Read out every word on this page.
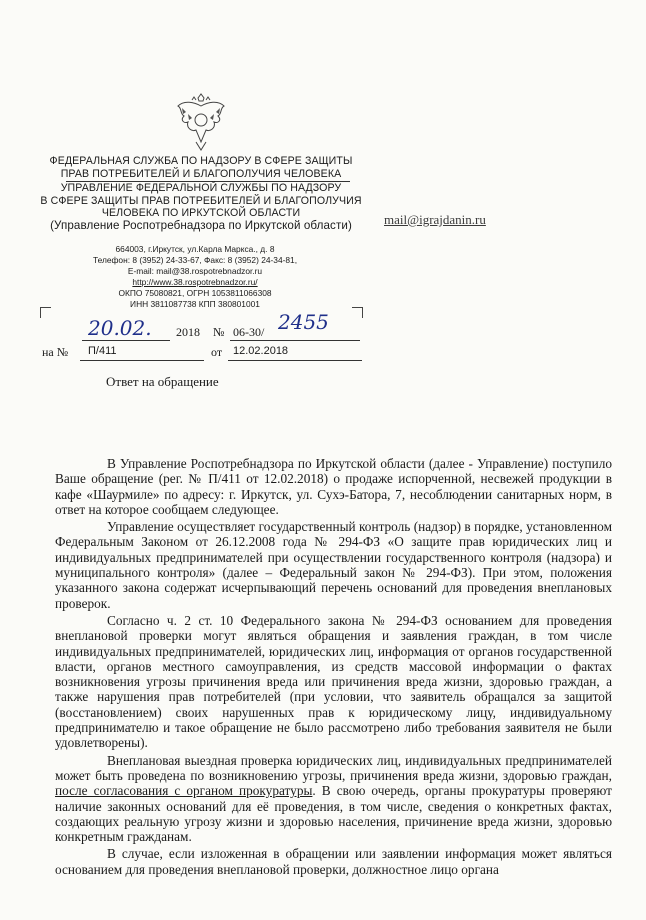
ФЕДЕРАЛЬНАЯ СЛУЖБА ПО НАДЗОРУ В СФЕРЕ ЗАЩИТЫ
ПРАВ ПОТРЕБИТЕЛЕЙ И БЛАГОПОЛУЧИЯ ЧЕЛОВЕКА
УПРАВЛЕНИЕ ФЕДЕРАЛЬНОЙ СЛУЖБЫ ПО НАДЗОРУ
В СФЕРЕ ЗАЩИТЫ ПРАВ ПОТРЕБИТЕЛЕЙ И БЛАГОПОЛУЧИЯ
ЧЕЛОВЕКА ПО ИРКУТСКОЙ ОБЛАСТИ
(Управление Роспотребнадзора по Иркутской области)
664003, г.Иркутск, ул.Карла Маркса., д. 8
Телефон: 8 (3952) 24-33-67, Факс: 8 (3952) 24-34-81,
E-mail: mail@38.rospotrebnadzor.ru
http://www.38.rospotrebnadzor.ru/
ОКПО 75080821, ОГРН 1053811066308
ИНН 3811087738 КПП 380801001
mail@igrajdanin.ru
20.02. 2018 № 06-30/ 2455
на № П/411	от 12.02.2018
Ответ на обращение

В Управление Роспотребнадзора по Иркутской области (далее - Управление) поступило Ваше обращение (рег. № П/411 от 12.02.2018) о продаже испорченной, несвежей продукции в кафе «Шаурмиле» по адресу: г. Иркутск, ул. Сухэ-Батора, 7, несоблюдении санитарных норм, в ответ на которое сообщаем следующее.

Управление осуществляет государственный контроль (надзор) в порядке, установленном Федеральным Законом от 26.12.2008 года № 294-ФЗ «О защите прав юридических лиц и индивидуальных предпринимателей при осуществлении государственного контроля (надзора) и муниципального контроля» (далее – Федеральный закон № 294-ФЗ). При этом, положения указанного закона содержат исчерпывающий перечень оснований для проведения внеплановых проверок.

Согласно ч. 2 ст. 10 Федерального закона № 294-ФЗ основанием для проведения внеплановой проверки могут являться обращения и заявления граждан, в том числе индивидуальных предпринимателей, юридических лиц, информация от органов государственной власти, органов местного самоуправления, из средств массовой информации о фактах возникновения угрозы причинения вреда или причинения вреда жизни, здоровью граждан, а также нарушения прав потребителей (при условии, что заявитель обращался за защитой (восстановлением) своих нарушенных прав к юридическому лицу, индивидуальному предпринимателю и такое обращение не было рассмотрено либо требования заявителя не были удовлетворены).

Внеплановая выездная проверка юридических лиц, индивидуальных предпринимателей может быть проведена по возникновению угрозы, причинения вреда жизни, здоровью граждан, после согласования с органом прокуратуры. В свою очередь, органы прокуратуры проверяют наличие законных оснований для её проведения, в том числе, сведения о конкретных фактах, создающих реальную угрозу жизни и здоровью населения, причинение вреда жизни, здоровью конкретным гражданам.

В случае, если изложенная в обращении или заявлении информация может являться основанием для проведения внеплановой проверки, должностное лицо органа
